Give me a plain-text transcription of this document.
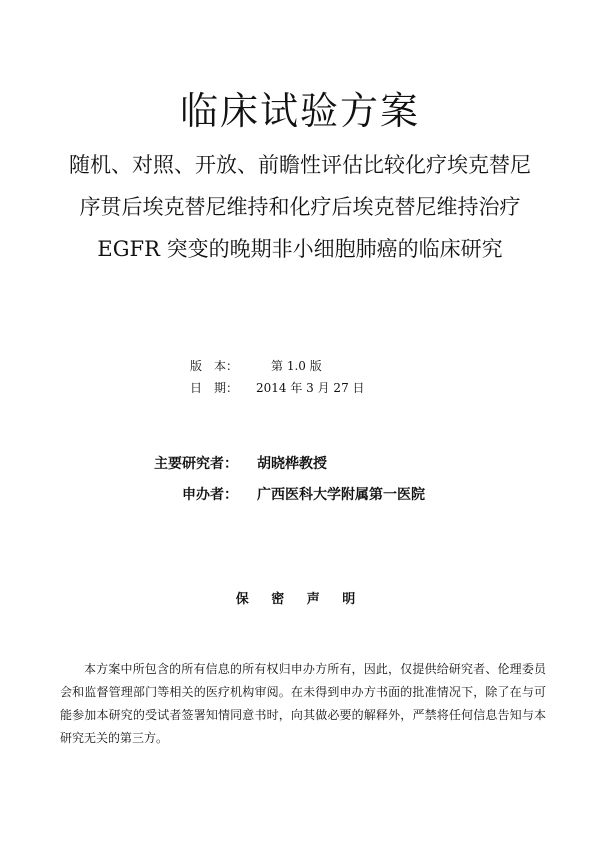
临床试验方案
随机、对照、开放、前瞻性评估比较化疗埃克替尼
序贯后埃克替尼维持和化疗后埃克替尼维持治疗
EGFR 突变的晚期非小细胞肺癌的临床研究
版　本：	第 1.0 版
日　期： 2014 年 3 月 27 日
主要研究者： 胡晓桦教授
申办者： 广西医科大学附属第一医院
保 密 声 明

本方案中所包含的所有信息的所有权归申办方所有，因此，仅提供给研究者、伦理委员会和监督管理部门等相关的医疗机构审阅。在未得到申办方书面的批准情况下，除了在与可能参加本研究的受试者签署知情同意书时，向其做必要的解释外，严禁将任何信息告知与本研究无关的第三方。
